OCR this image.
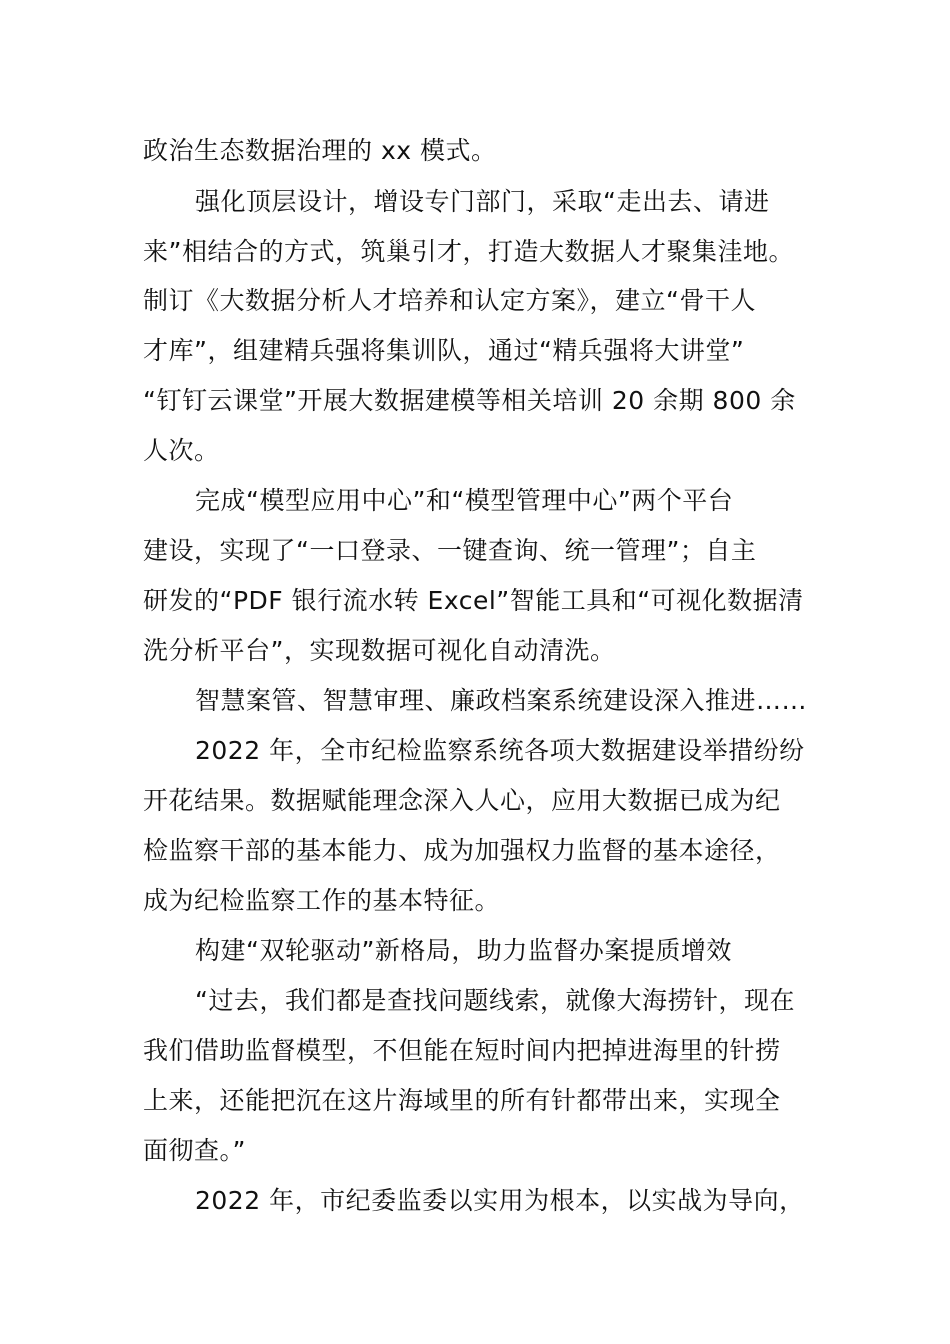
政治生态数据治理的 xx 模式。
强化顶层设计，增设专门部门，采取“走出去、请进
来”相结合的方式，筑巢引才，打造大数据人才聚集洼地。
制订《大数据分析人才培养和认定方案》，建立“骨干人
才库”，组建精兵强将集训队，通过“精兵强将大讲堂”
“钉钉云课堂”开展大数据建模等相关培训 20 余期 800 余
人次。
完成“模型应用中心”和“模型管理中心”两个平台
建设，实现了“一口登录、一键查询、统一管理”；自主
研发的“PDF 银行流水转 Excel”智能工具和“可视化数据清
洗分析平台”，实现数据可视化自动清洗。
智慧案管、智慧审理、廉政档案系统建设深入推进……
2022 年，全市纪检监察系统各项大数据建设举措纷纷
开花结果。数据赋能理念深入人心，应用大数据已成为纪
检监察干部的基本能力、成为加强权力监督的基本途径，
成为纪检监察工作的基本特征。
构建“双轮驱动”新格局，助力监督办案提质增效
“过去，我们都是查找问题线索，就像大海捞针，现在
我们借助监督模型，不但能在短时间内把掉进海里的针捞
上来，还能把沉在这片海域里的所有针都带出来，实现全
面彻查。”
2022 年，市纪委监委以实用为根本，以实战为导向，
